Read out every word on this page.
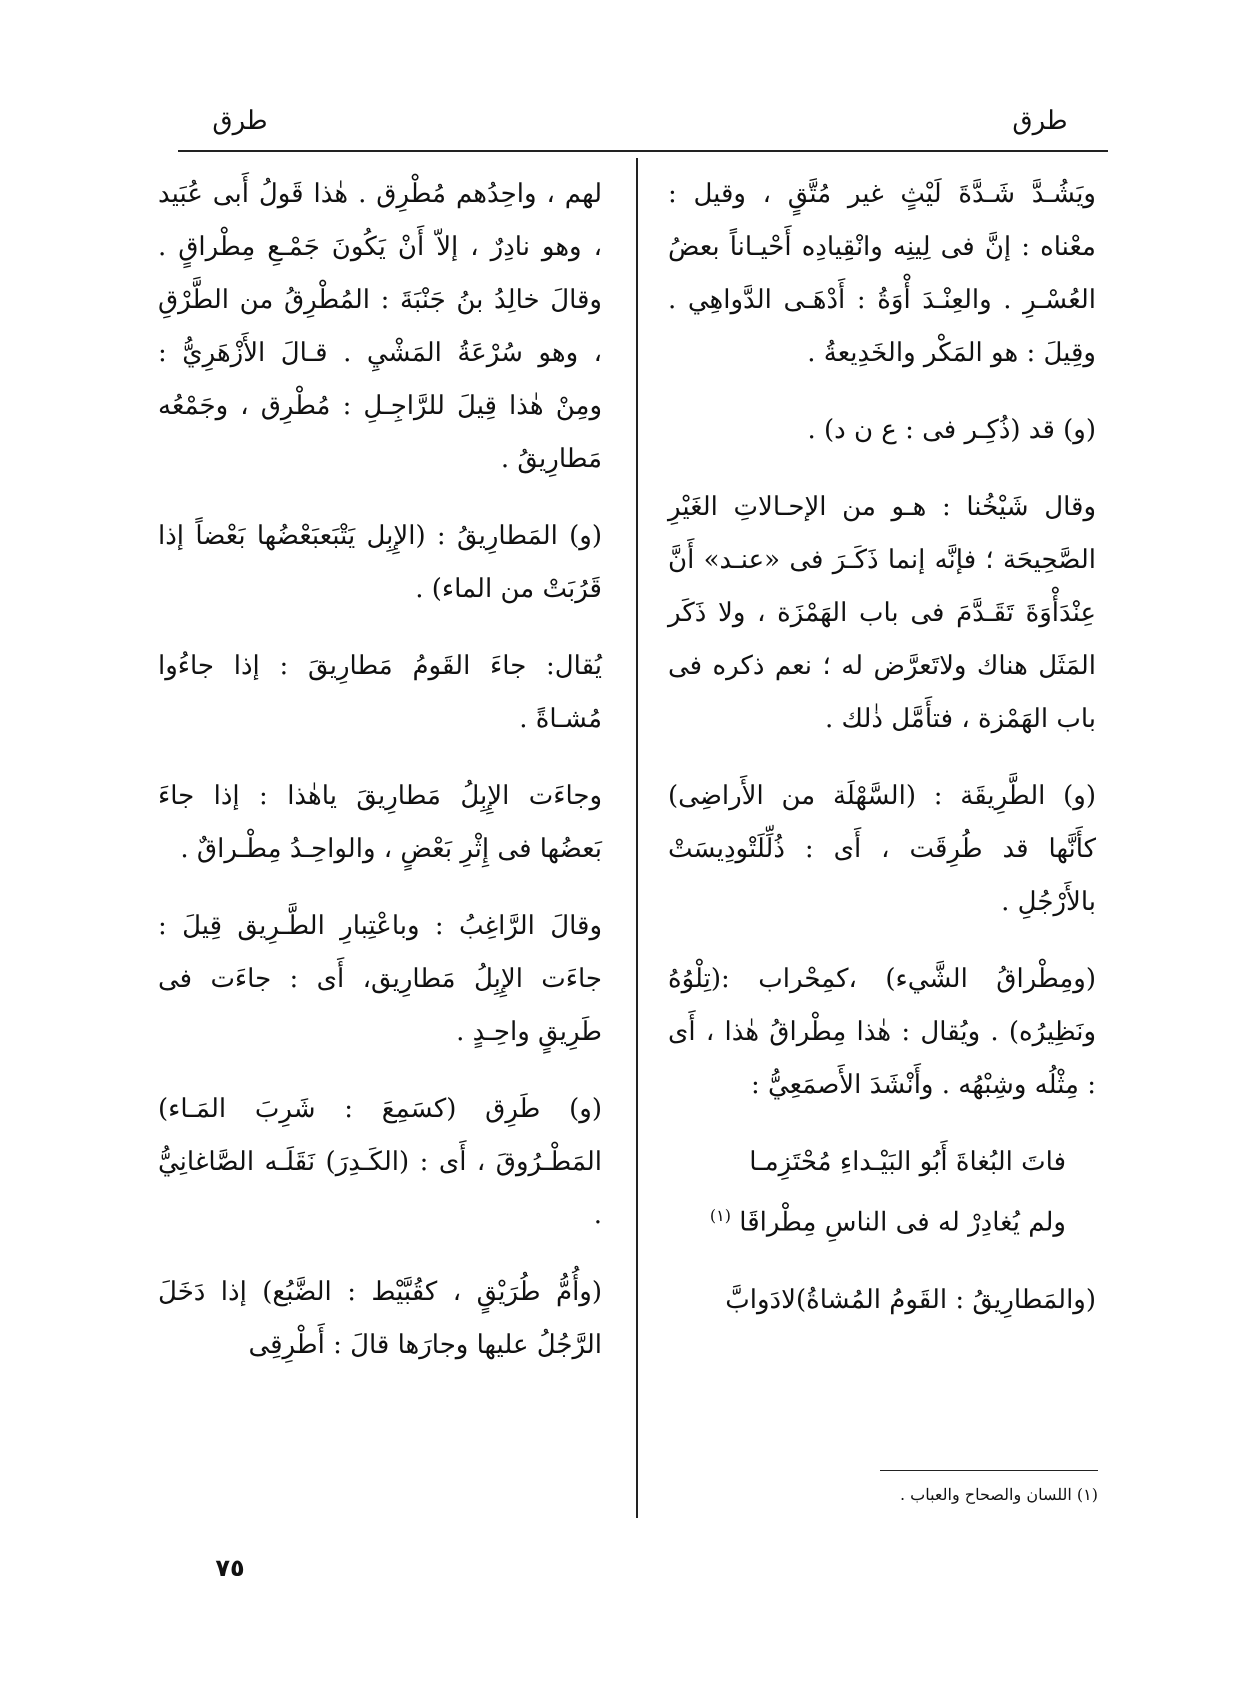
طرق
طرق

ويَشُـدَّ شَـدَّةَ لَيْثٍ غير مُتَّقٍ ، وقيل : معْناه : إنَّ فى لِينِه وانْقِيادِه أَحْيـاناً بعضُ العُسْـرِ . والعِنْـدَ أْوَةُ : أَدْهَـى الدَّواهِي . وقِيلَ : هو المَكْر والخَدِيعةُ .

(و) قد (ذُكِـر فى : ع ن د) .

وقال شَيْخُنا : هـو من الإحـالاتِ الغَيْرِ الصَّحِيحَة ؛ فإنَّه إنما ذَكَـرَ فى «عنـد» أَنَّ عِنْدَأْوَةَ تَقَـدَّمَ فى باب الهَمْزَة ، ولا ذَكَر المَثَل هناك ولاتَعرَّض له ؛ نعم ذكره فى باب الهَمْزة ، فتأَمَّل ذٰلك .

(و) الطَّرِيقَة : (السَّهْلَة من الأَراضِى) كأَنَّها قد طُرِقَت ، أَى : ذُلِّلَتْودِيسَتْ بالأَرْجُلِ .

(ومِطْراقُ الشَّيء) ،كمِحْراب :(تِلْوُهُ ونَظِيرُه) . ويُقال : هٰذا مِطْراقُ هٰذا ، أَى : مِثْلُه وشِبْهُه . وأَنْشَدَ الأَصمَعِيُّ :

فاتَ البُغاةَ أَبُو البَيْـداءِ مُحْتَزِمـا
ولم يُغادِرْ له فى الناسِ مِطْراقَا $^{(١)}$

(والمَطارِيقُ : القَومُ المُشاةُ)لادَوابَّ

لهم ، واحِدُهم مُطْرِق . هٰذا قَولُ أَبى عُبَيد ، وهو نادِرٌ ، إلاّ أَنْ يَكُونَ جَمْـعِ مِطْراقٍ . وقالَ خالِدُ بنُ جَنْبَةَ : المُطْرِقُ من الطَّرْقِ ، وهو سُرْعَةُ المَشْيِ . قـالَ الأَزْهَرِيُّ : ومِنْ هٰذا قِيلَ للرَّاجِـلِ : مُطْرِق ، وجَمْعُه مَطارِيقُ .

(و) المَطارِيقُ : (الإِبِل يَتْبَعبَعْضُها بَعْضاً إذا قَرُبَتْ من الماء) .

يُقال: جاءَ القَومُ مَطارِيقَ : إذا جاءُوا مُشـاةً .

وجاءَت الإِبِلُ مَطارِيقَ ياهٰذا : إذا جاءَ بَعضُها فى إِثْرِ بَعْضٍ ، والواحِـدُ مِطْـراقٌ .

وقالَ الرَّاغِبُ : وباعْتِبارِ الطَّـرِيق قِيلَ : جاءَت الإِبِلُ مَطارِيق، أَى : جاءَت فى طَرِيقٍ واحِـدٍ .

(و) طَرِق (كسَمِعَ : شَرِبَ المَـاء) المَطْـرُوقَ ، أَى : (الكَـدِرَ) نَقَلَـه الصَّاغانِيُّ .

(وأُمُّ طُرَيْقٍ ، كقُبَّيْط : الضَّبُع) إذا دَخَلَ الرَّجُلُ عليها وجارَها قالَ : أَطْرِقِى

(١) اللسان والصحاح والعباب .
٧٥
